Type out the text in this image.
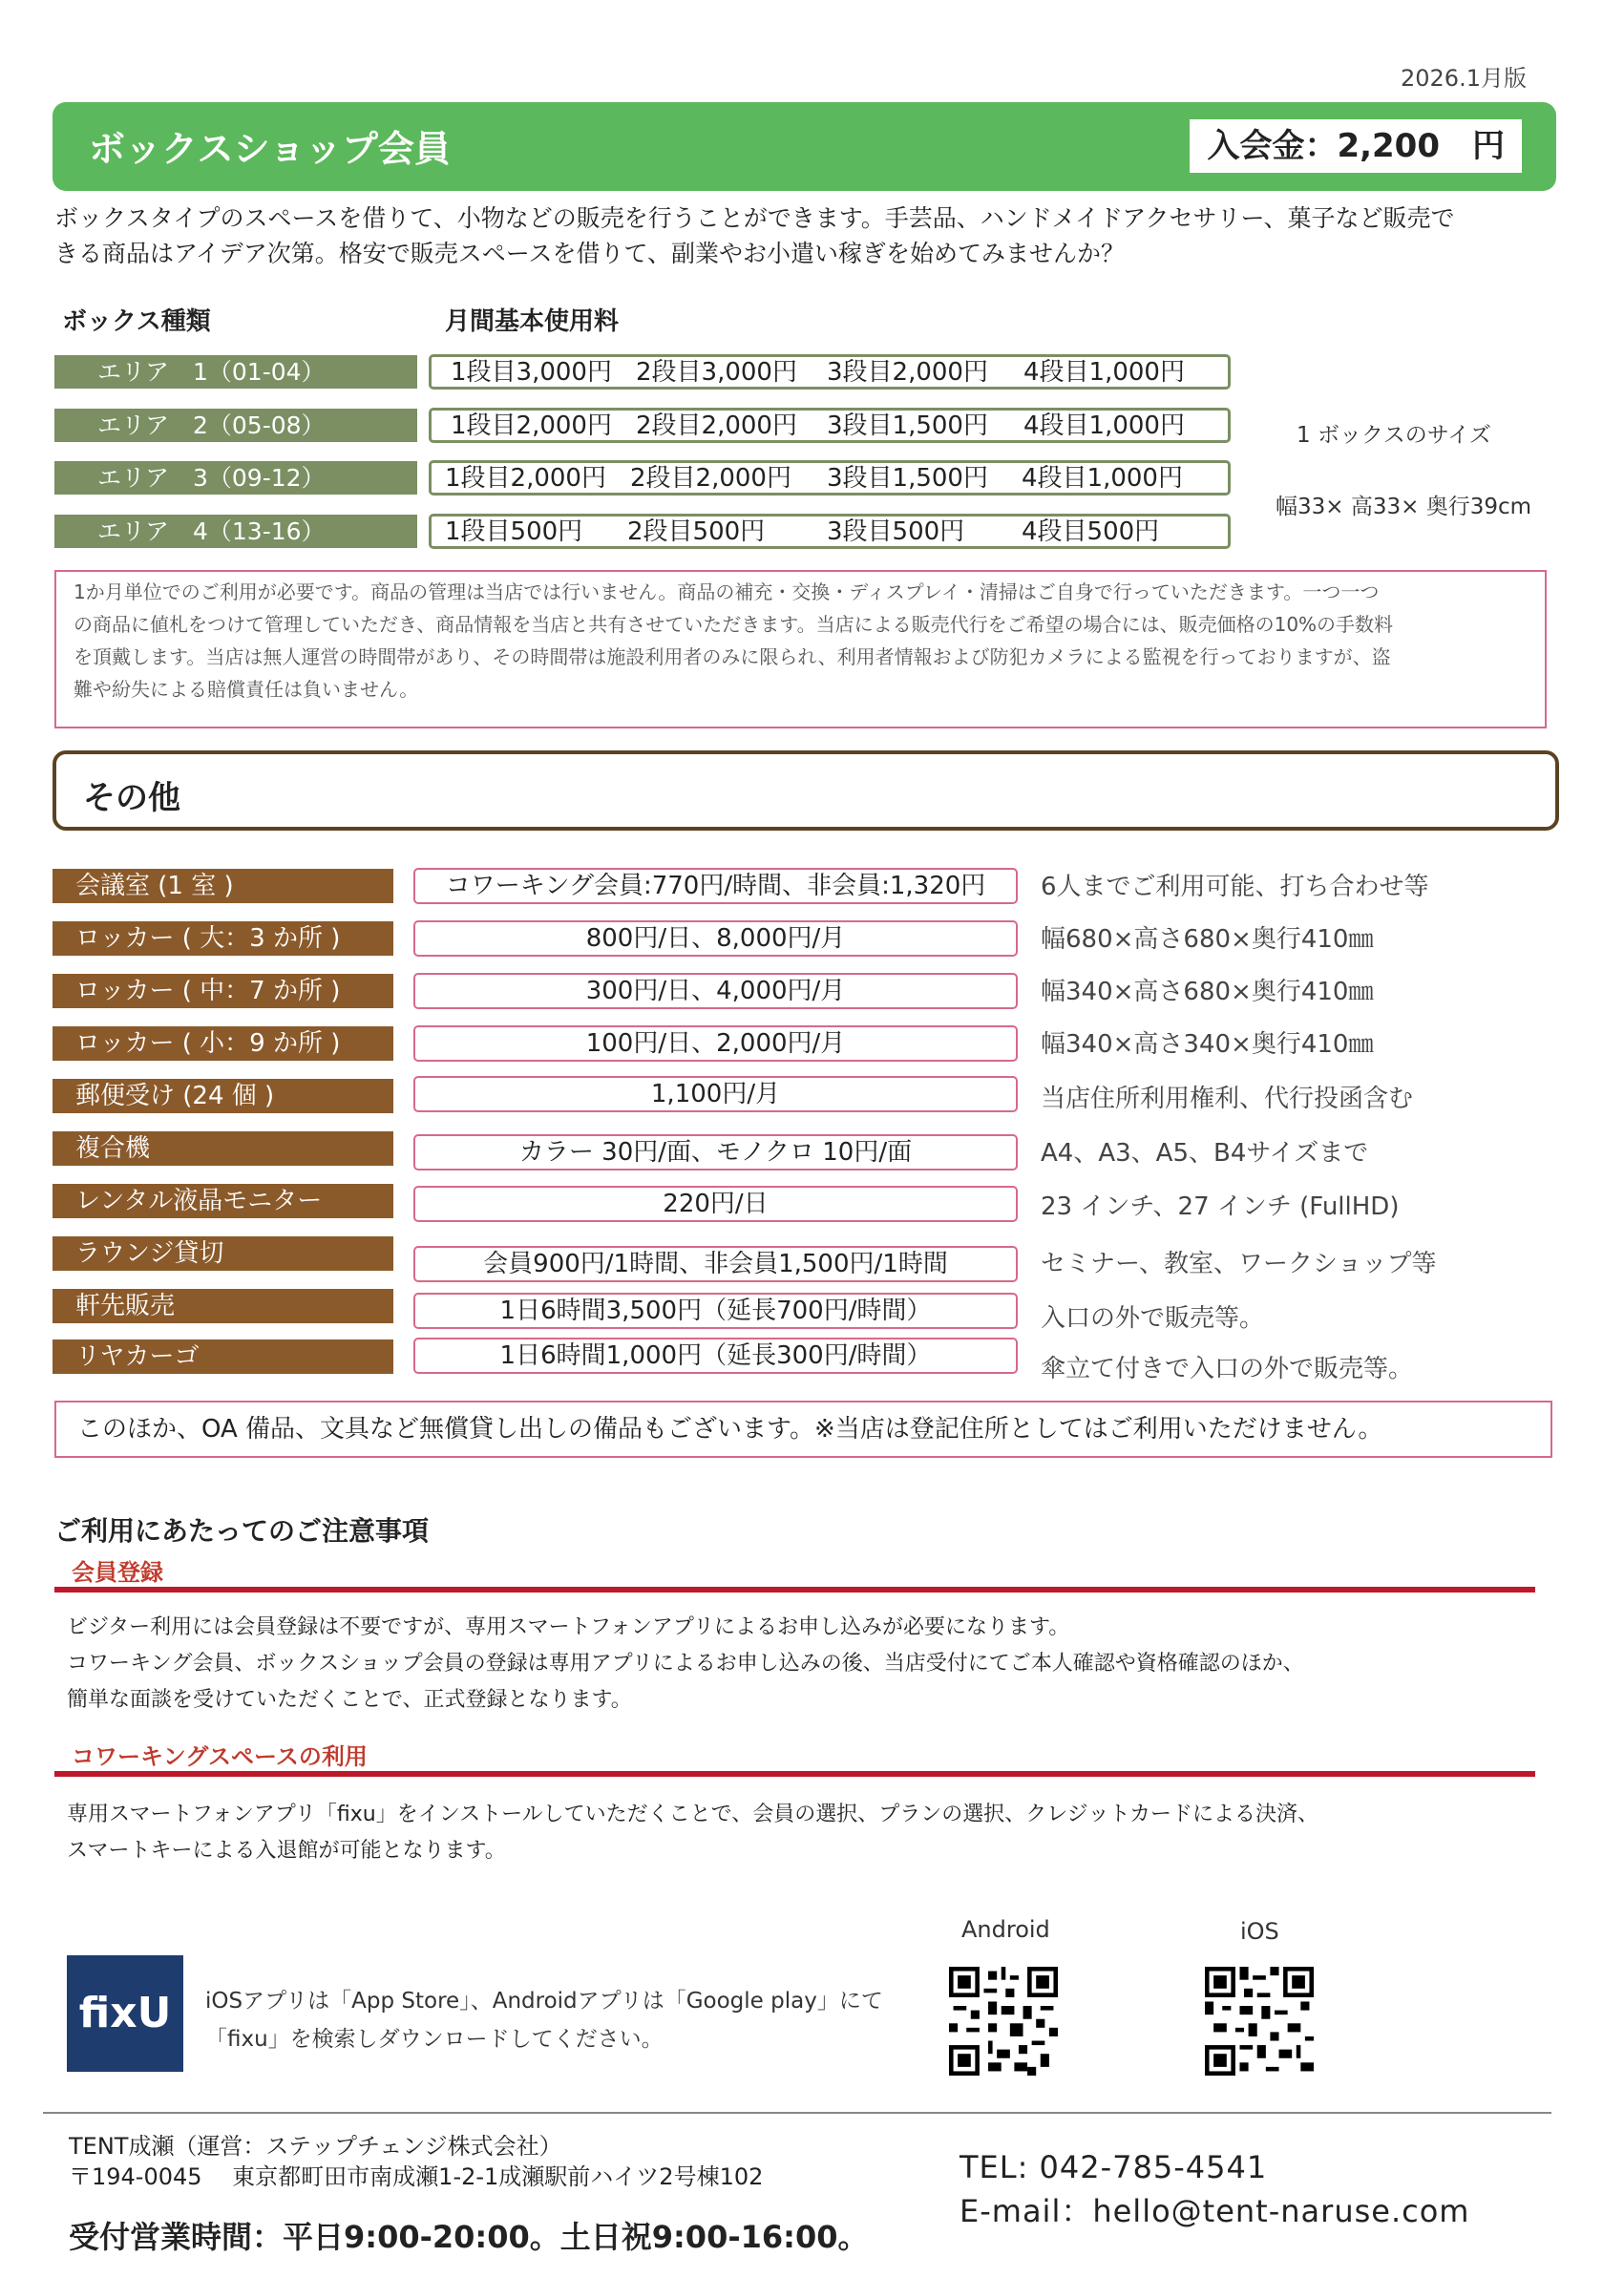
2026.1月版
ボックスショップ会員	入会金：2,200　円
ボックスタイプのスペースを借りて、小物などの販売を行うことができます。手芸品、ハンドメイドアクセサリー、菓子など販売で
きる商品はアイデア次第。格安で販売スペースを借りて、副業やお小遣い稼ぎを始めてみませんか？
ボックス種類	月間基本使用料
エリア　1（01-04）	1段目3,000円 2段目3,000円 3段目2,000円 4段目1,000円
エリア　2（05-08）	1段目2,000円 2段目2,000円 3段目1,500円 4段目1,000円
エリア　3（09-12）	1段目2,000円 2段目2,000円 3段目1,500円 4段目1,000円
エリア　4（13-16）	1段目500円 2段目500円 3段目500円 4段目500円
1 ボックスのサイズ
幅33× 高33× 奥行39cm
1か月単位でのご利用が必要です。商品の管理は当店では行いません。商品の補充・交換・ディスプレイ・清掃はご自身で行っていただきます。一つ一つ
の商品に値札をつけて管理していただき、商品情報を当店と共有させていただきます。当店による販売代行をご希望の場合には、販売価格の10%の手数料
を頂戴します。当店は無人運営の時間帯があり、その時間帯は施設利用者のみに限られ、利用者情報および防犯カメラによる監視を行っておりますが、盗
難や紛失による賠償責任は負いません。
その他
会議室 (1 室 )	コワーキング会員:770円/時間、非会員:1,320円	6人までご利用可能、打ち合わせ等
ロッカー ( 大：3 か所 )	800円/日、8,000円/月	幅680×高さ680×奥行410㎜
ロッカー ( 中：7 か所 )	300円/日、4,000円/月	幅340×高さ680×奥行410㎜
ロッカー ( 小：9 か所 )	100円/日、2,000円/月	幅340×高さ340×奥行410㎜
郵便受け (24 個 )	1,100円/月	当店住所利用権利、代行投函含む
複合機	カラー 30円/面、モノクロ 10円/面	A4、A3、A5、B4サイズまで
レンタル液晶モニター	220円/日	23 インチ、27 インチ (FullHD)
ラウンジ貸切	会員900円/1時間、非会員1,500円/1時間	セミナー、教室、ワークショップ等
軒先販売	1日6時間3,500円（延長700円/時間）	入口の外で販売等。
リヤカーゴ	1日6時間1,000円（延長300円/時間）	傘立て付きで入口の外で販売等。
このほか、OA 備品、文具など無償貸し出しの備品もございます。※当店は登記住所としてはご利用いただけません。
ご利用にあたってのご注意事項
会員登録
ビジター利用には会員登録は不要ですが、専用スマートフォンアプリによるお申し込みが必要になります。
コワーキング会員、ボックスショップ会員の登録は専用アプリによるお申し込みの後、当店受付にてご本人確認や資格確認のほか、
簡単な面談を受けていただくことで、正式登録となります。
コワーキングスペースの利用
専用スマートフォンアプリ「fixu」をインストールしていただくことで、会員の選択、プランの選択、クレジットカードによる決済、
スマートキーによる入退館が可能となります。
fixU	iOSアプリは「App Store」、Androidアプリは「Google play」にて
「fixu」を検索しダウンロードしてください。
Android	iOS
TENT成瀬（運営：ステップチェンジ株式会社）
〒194-0045　 東京都町田市南成瀬1-2-1成瀬駅前ハイツ2号棟102	TEL: 042-785-4541
E-mail：hello@tent-naruse.com
受付営業時間：平日9:00-20:00。土日祝9:00-16:00。
